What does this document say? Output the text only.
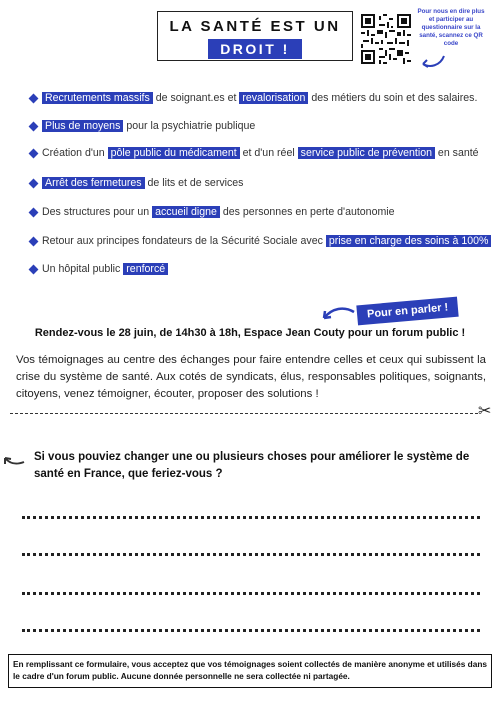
LA SANTÉ EST UN
DROIT !
Pour nous en dire plus et participer au questionnaire sur la santé, scannez ce QR code
Recrutements massifs de soignant.es et revalorisation des métiers du soin et des salaires.
Plus de moyens pour la psychiatrie publique
Création d'un pôle public du médicament et d'un réel service public de prévention en santé
Arrêt des fermetures de lits et de services
Des structures pour un accueil digne des personnes en perte d'autonomie
Retour aux principes fondateurs de la Sécurité Sociale avec prise en charge des soins à 100%
Un hôpital public renforcé
Pour en parler !
Rendez-vous le 28 juin, de 14h30 à 18h, Espace Jean Couty pour un forum public !
Vos témoignages au centre des échanges pour faire entendre celles et ceux qui subissent la crise du système de santé. Aux cotés de syndicats, élus, responsables politiques, soignants, citoyens, venez témoigner, écouter, proposer des solutions !
✂
Si vous pouviez changer une ou plusieurs choses pour améliorer le système de santé en France, que feriez-vous ?
En remplissant ce formulaire, vous acceptez que vos témoignages soient collectés de manière anonyme et utilisés dans le cadre d'un forum public. Aucune donnée personnelle ne sera collectée ni partagée.
